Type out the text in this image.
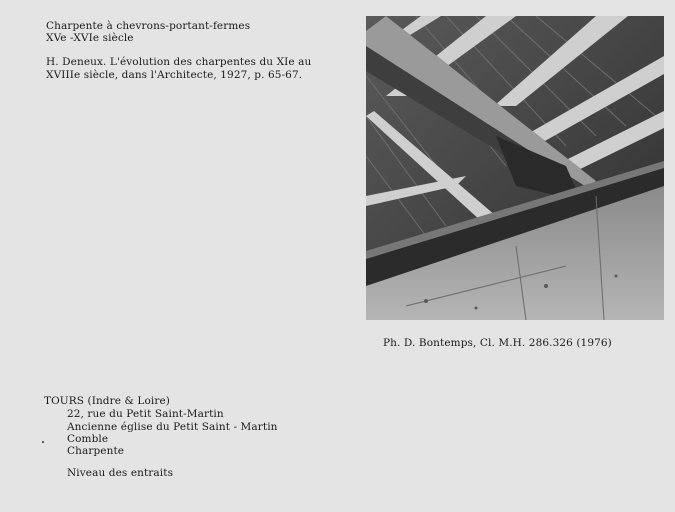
Charpente à chevrons-portant-fermes
XVe -XVIe siècle
H. Deneux. L'évolution des charpentes du XIe au
XVIIIe siècle, dans l'Architecte, 1927, p. 65-67.
Ph. D. Bontemps, Cl. M.H. 286.326 (1976)
TOURS (Indre & Loire)
22, rue du Petit Saint-Martin
Ancienne église du Petit Saint - Martin
Comble
Charpente
Niveau des entraits
